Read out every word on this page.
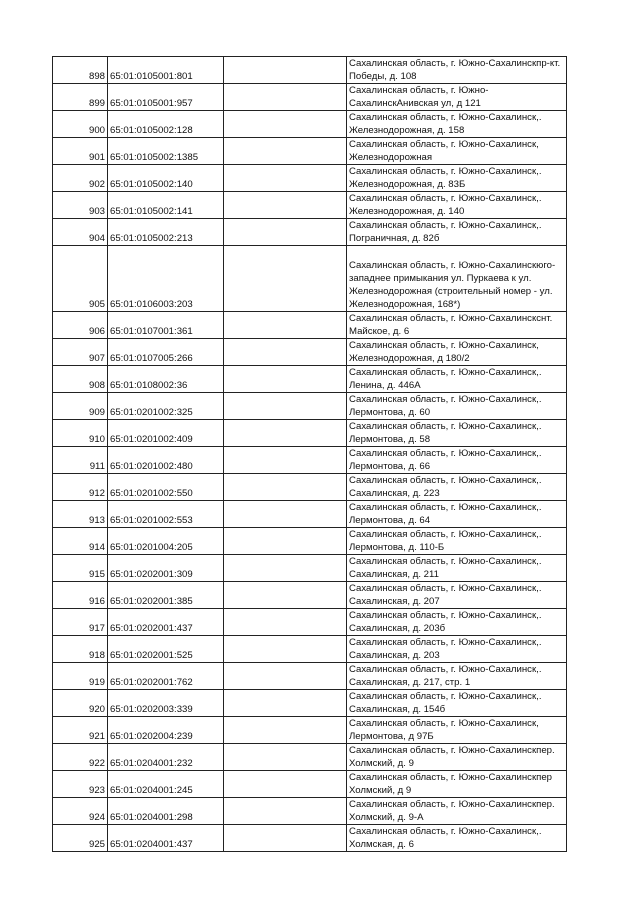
898	65:01:0105001:801		Сахалинская область, г. Южно-Сахалинскпр-кт.
Победы, д. 108

899	65:01:0105001:957		Сахалинская область, г. Южно-
СахалинскАнивская ул, д 121

900	65:01:0105002:128		Сахалинская область, г. Южно-Сахалинск,.
Железнодорожная, д. 158

901	65:01:0105002:1385		Сахалинская область, г. Южно-Сахалинск,
Железнодорожная

902	65:01:0105002:140		Сахалинская область, г. Южно-Сахалинск,.
Железнодорожная, д. 83Б

903	65:01:0105002:141		Сахалинская область, г. Южно-Сахалинск,.
Железнодорожная, д. 140

904	65:01:0105002:213		Сахалинская область, г. Южно-Сахалинск,.
Пограничная, д. 82б

905	65:01:0106003:203		Сахалинская область, г. Южно-Сахалинскюго-
западнее примыкания ул. Пуркаева к ул.
Железнодорожная (строительный номер - ул.
Железнодорожная, 168*)

906	65:01:0107001:361		Сахалинская область, г. Южно-Сахалинскснт.
Майское, д. 6

907	65:01:0107005:266		Сахалинская область, г. Южно-Сахалинск,
Железнодорожная, д 180/2

908	65:01:0108002:36		Сахалинская область, г. Южно-Сахалинск,.
Ленина, д. 446А

909	65:01:0201002:325		Сахалинская область, г. Южно-Сахалинск,.
Лермонтова, д. 60

910	65:01:0201002:409		Сахалинская область, г. Южно-Сахалинск,.
Лермонтова, д. 58

911	65:01:0201002:480		Сахалинская область, г. Южно-Сахалинск,.
Лермонтова, д. 66

912	65:01:0201002:550		Сахалинская область, г. Южно-Сахалинск,.
Сахалинская, д. 223

913	65:01:0201002:553		Сахалинская область, г. Южно-Сахалинск,.
Лермонтова, д. 64

914	65:01:0201004:205		Сахалинская область, г. Южно-Сахалинск,.
Лермонтова, д. 110-Б

915	65:01:0202001:309		Сахалинская область, г. Южно-Сахалинск,.
Сахалинская, д. 211

916	65:01:0202001:385		Сахалинская область, г. Южно-Сахалинск,.
Сахалинская, д. 207

917	65:01:0202001:437		Сахалинская область, г. Южно-Сахалинск,.
Сахалинская, д. 203б

918	65:01:0202001:525		Сахалинская область, г. Южно-Сахалинск,.
Сахалинская, д. 203

919	65:01:0202001:762		Сахалинская область, г. Южно-Сахалинск,.
Сахалинская, д. 217, стр. 1

920	65:01:0202003:339		Сахалинская область, г. Южно-Сахалинск,.
Сахалинская, д. 154б

921	65:01:0202004:239		Сахалинская область, г. Южно-Сахалинск,
Лермонтова, д 97Б

922	65:01:0204001:232		Сахалинская область, г. Южно-Сахалинскпер.
Холмский, д. 9

923	65:01:0204001:245		Сахалинская область, г. Южно-Сахалинскпер
Холмский, д 9

924	65:01:0204001:298		Сахалинская область, г. Южно-Сахалинскпер.
Холмский, д. 9-А

925	65:01:0204001:437		Сахалинская область, г. Южно-Сахалинск,.
Холмская, д. 6
